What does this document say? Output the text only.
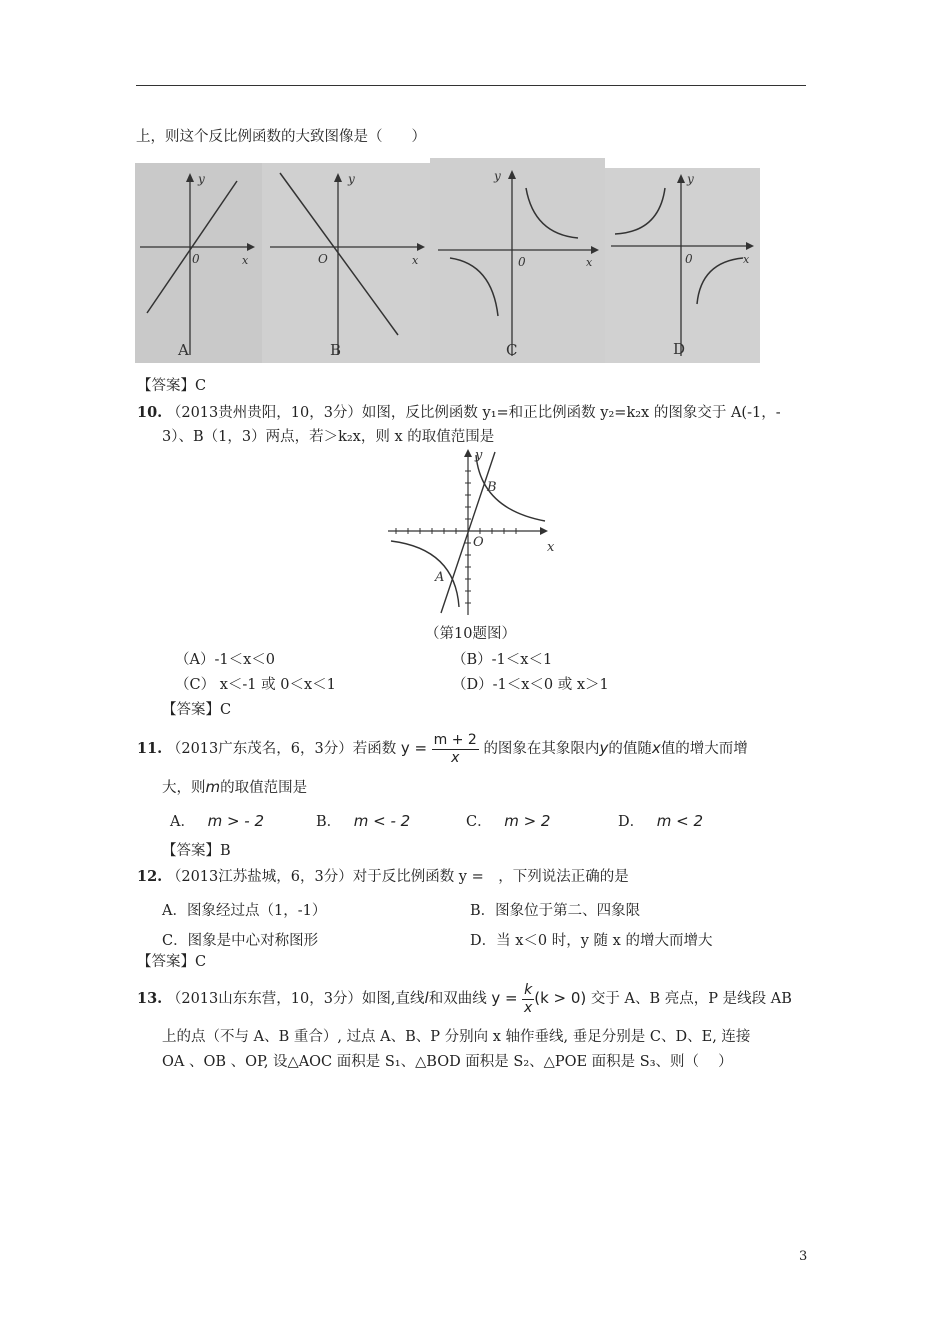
上，则这个反比例函数的大致图像是（　　）
y
0	x
A
y
O	x
B
y
0	x
C
y
0	x
D
【答案】C
10. （2013贵州贵阳，10，3分）如图，反比例函数 y₁=和正比例函数 y₂=k₂x 的图象交于 A(-1，-
3）、B（1，3）两点，若＞k₂x，则 x 的取值范围是
y
O	x
B
A
（第10题图）
（A）-1＜x＜0	（B）-1＜x＜1
（C） x＜-1 或 0＜x＜1	（D）-1＜x＜0 或 x＞1
【答案】C
11. （2013广东茂名，6，3分）若函数 $y = \frac{m + 2}{x}$ 的图象在其象限内y的值随x值的增大而增
大，则m的取值范围是
A． m > - 2	B． m < - 2	C． m > 2	D． m < 2
【答案】B
12. （2013江苏盐城，6，3分）对于反比例函数 y =　，下列说法正确的是
A．图象经过点（1，-1）	B．图象位于第二、四象限
C．图象是中心对称图形	D．当 x＜0 时，y 随 x 的增大而增大
【答案】C
13. （2013山东东营，10，3分）如图,直线l和双曲线 $y = \frac{k}{x} (k > 0)$ 交于 A、B 亮点，P 是线段 AB
上的点（不与 A、B 重合）, 过点 A、B、P 分别向 x 轴作垂线, 垂足分别是 C、D、E, 连接
OA 、OB 、OP, 设△AOC 面积是 S₁、△BOD 面积是 S₂、△POE 面积是 S₃、则（　 ）
3
